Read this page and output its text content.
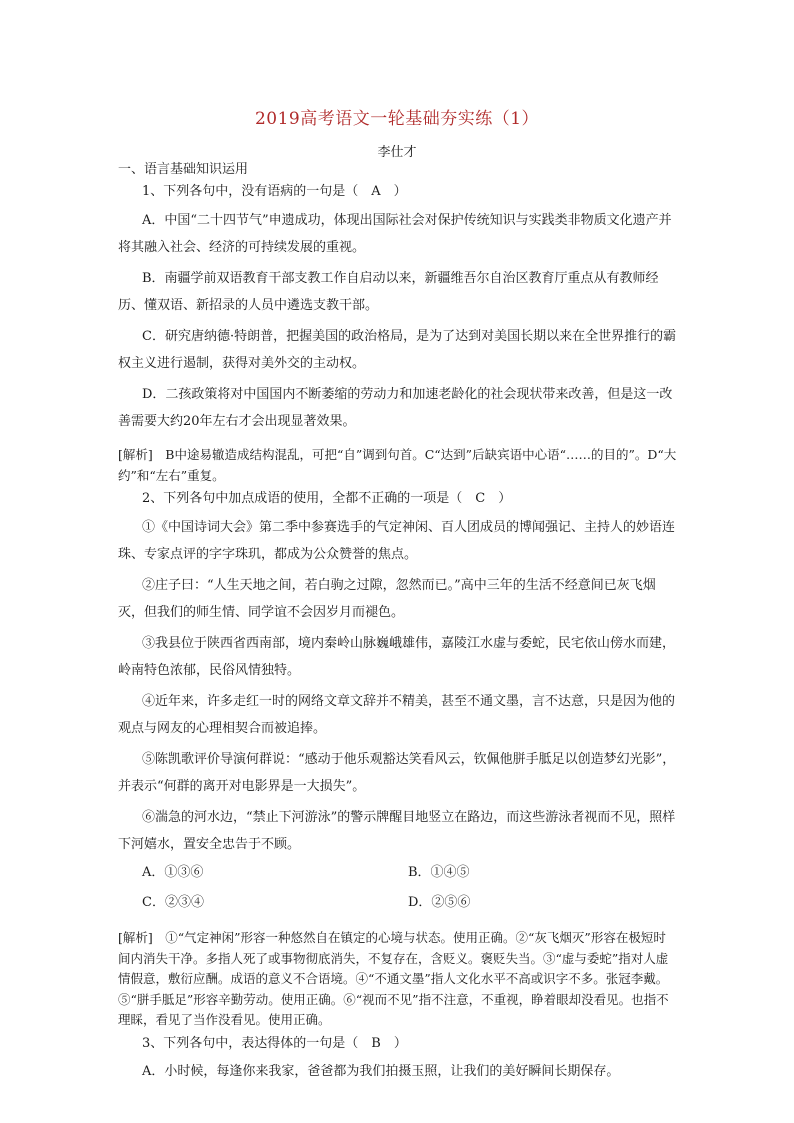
2019高考语文一轮基础夯实练（1）
李仕才

一、语言基础知识运用

1、下列各句中，没有语病的一句是（　A　）

A．中国“二十四节气”申遗成功，体现出国际社会对保护传统知识与实践类非物质文化遗产并将其融入社会、经济的可持续发展的重视。

B．南疆学前双语教育干部支教工作自启动以来，新疆维吾尔自治区教育厅重点从有教师经历、懂双语、新招录的人员中遴选支教干部。

C．研究唐纳德·特朗普，把握美国的政治格局，是为了达到对美国长期以来在全世界推行的霸权主义进行遏制，获得对美外交的主动权。

D．二孩政策将对中国国内不断萎缩的劳动力和加速老龄化的社会现状带来改善，但是这一改善需要大约20年左右才会出现显著效果。

[解析]　B中途易辙造成结构混乱，可把“自”调到句首。C“达到”后缺宾语中心语“……的目的”。D“大约”和“左右”重复。

2、下列各句中加点成语的使用，全都不正确的一项是（　C　）

①《中国诗词大会》第二季中参赛选手的气定神闲、百人团成员的博闻强记、主持人的妙语连珠、专家点评的字字珠玑，都成为公众赞誉的焦点。

②庄子曰：“人生天地之间，若白驹之过隙，忽然而已。”高中三年的生活不经意间已灰飞烟灭，但我们的师生情、同学谊不会因岁月而褪色。

③我县位于陕西省西南部，境内秦岭山脉巍峨雄伟，嘉陵江水虚与委蛇，民宅依山傍水而建，岭南特色浓郁，民俗风情独特。

④近年来，许多走红一时的网络文章文辞并不精美，甚至不通文墨，言不达意，只是因为他的观点与网友的心理相契合而被追捧。

⑤陈凯歌评价导演何群说：“感动于他乐观豁达笑看风云，钦佩他胼手胝足以创造梦幻光影”，并表示“何群的离开对电影界是一大损失”。

⑥湍急的河水边，“禁止下河游泳”的警示牌醒目地竖立在路边，而这些游泳者视而不见，照样下河嬉水，置安全忠告于不顾。

A．①③⑥	B．①④⑤
C．②③④	D．②⑤⑥

[解析]　①“气定神闲”形容一种悠然自在镇定的心境与状态。使用正确。②“灰飞烟灭”形容在极短时间内消失干净。多指人死了或事物彻底消失，不复存在，含贬义。褒贬失当。③“虚与委蛇”指对人虚情假意，敷衍应酬。成语的意义不合语境。④“不通文墨”指人文化水平不高或识字不多。张冠李戴。⑤“胼手胝足”形容辛勤劳动。使用正确。⑥“视而不见”指不注意，不重视，睁着眼却没看见。也指不理睬，看见了当作没看见。使用正确。

3、下列各句中，表达得体的一句是（　B　）

A．小时候，每逢你来我家，爸爸都为我们拍摄玉照，让我们的美好瞬间长期保存。
